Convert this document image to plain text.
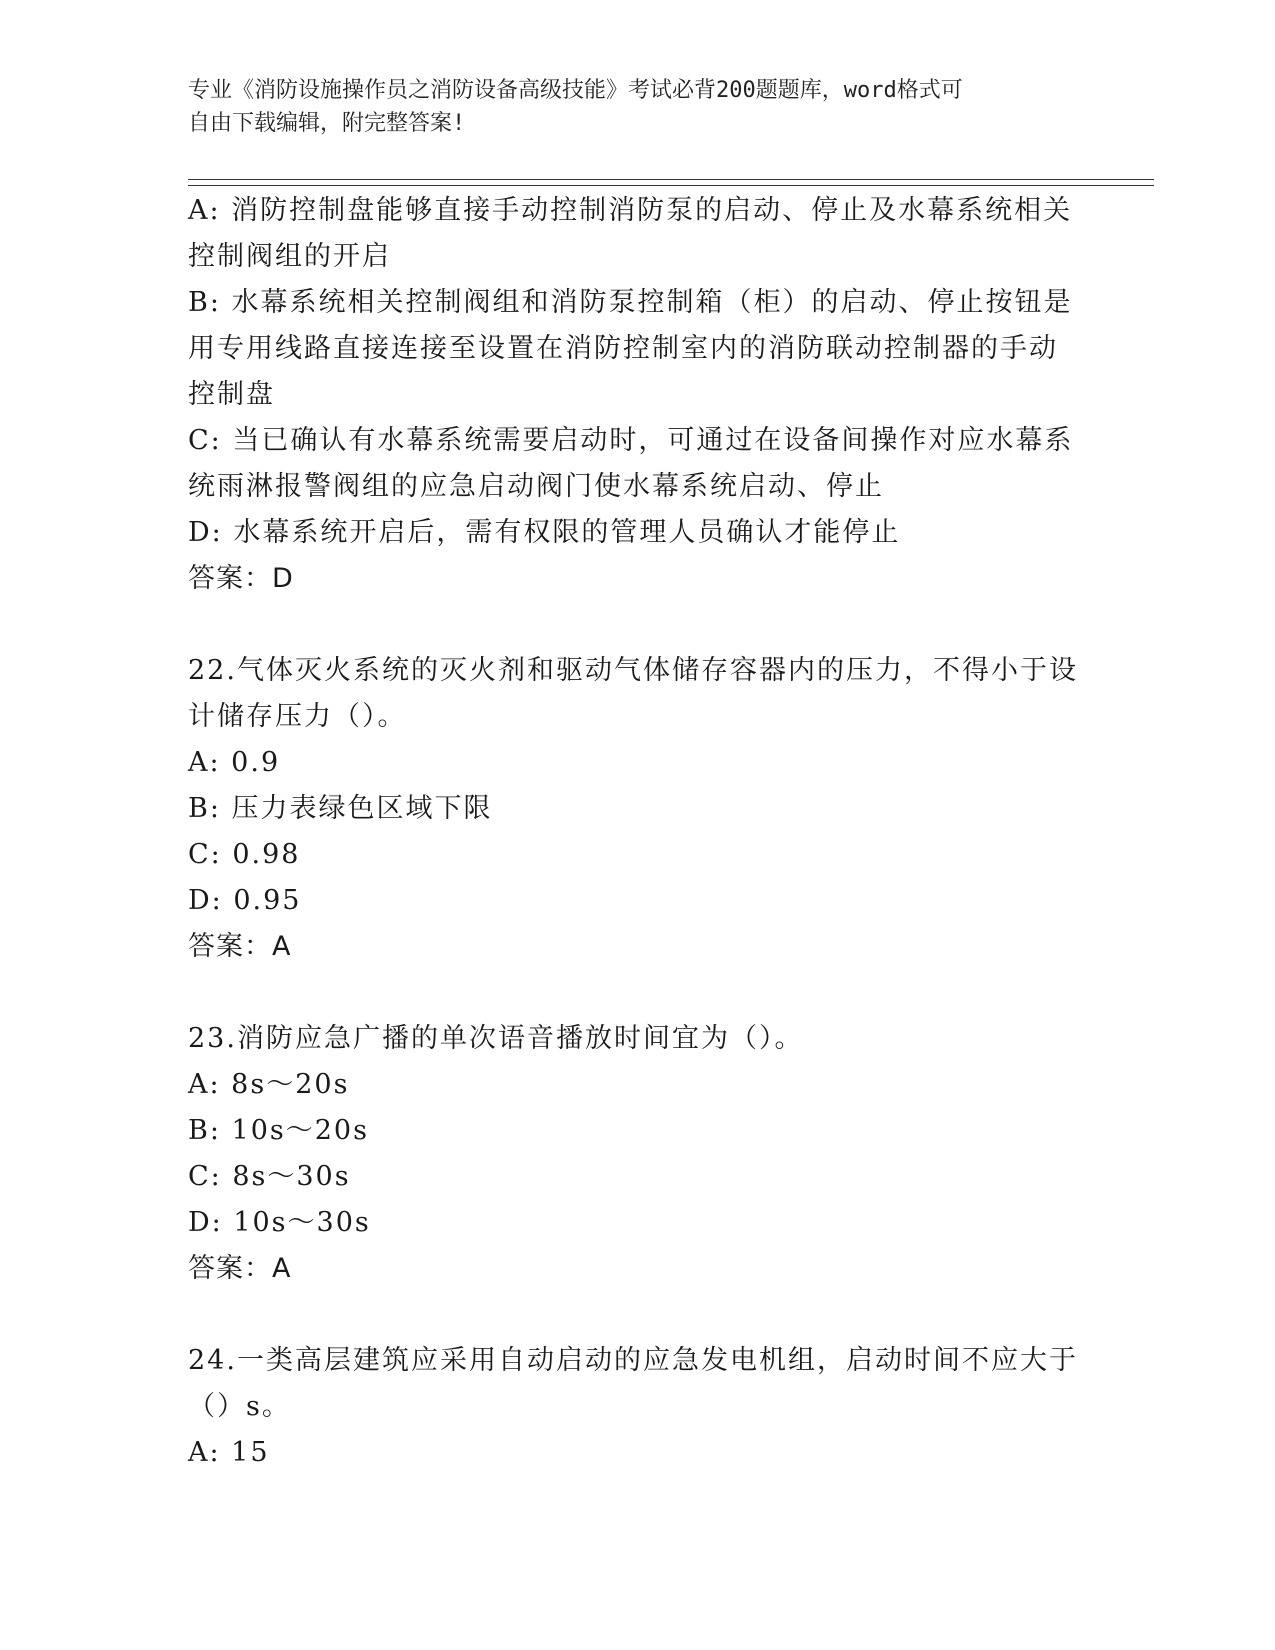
专业《消防设施操作员之消防设备高级技能》考试必背200题题库，word格式可
自由下载编辑，附完整答案!

A: 消防控制盘能够直接手动控制消防泵的启动、停止及水幕系统相关控制阀组的开启

B: 水幕系统相关控制阀组和消防泵控制箱（柜）的启动、停止按钮是用专用线路直接连接至设置在消防控制室内的消防联动控制器的手动控制盘

C: 当已确认有水幕系统需要启动时，可通过在设备间操作对应水幕系统雨淋报警阀组的应急启动阀门使水幕系统启动、停止

D: 水幕系统开启后，需有权限的管理人员确认才能停止

答案：D

22.气体灭火系统的灭火剂和驱动气体储存容器内的压力，不得小于设计储存压力（）。

A: 0.9

B: 压力表绿色区域下限

C: 0.98

D: 0.95

答案：A

23.消防应急广播的单次语音播放时间宜为（）。

A: 8s～20s

B: 10s～20s

C: 8s～30s

D: 10s～30s

答案：A

24.一类高层建筑应采用自动启动的应急发电机组，启动时间不应大于（）s。

A: 15
